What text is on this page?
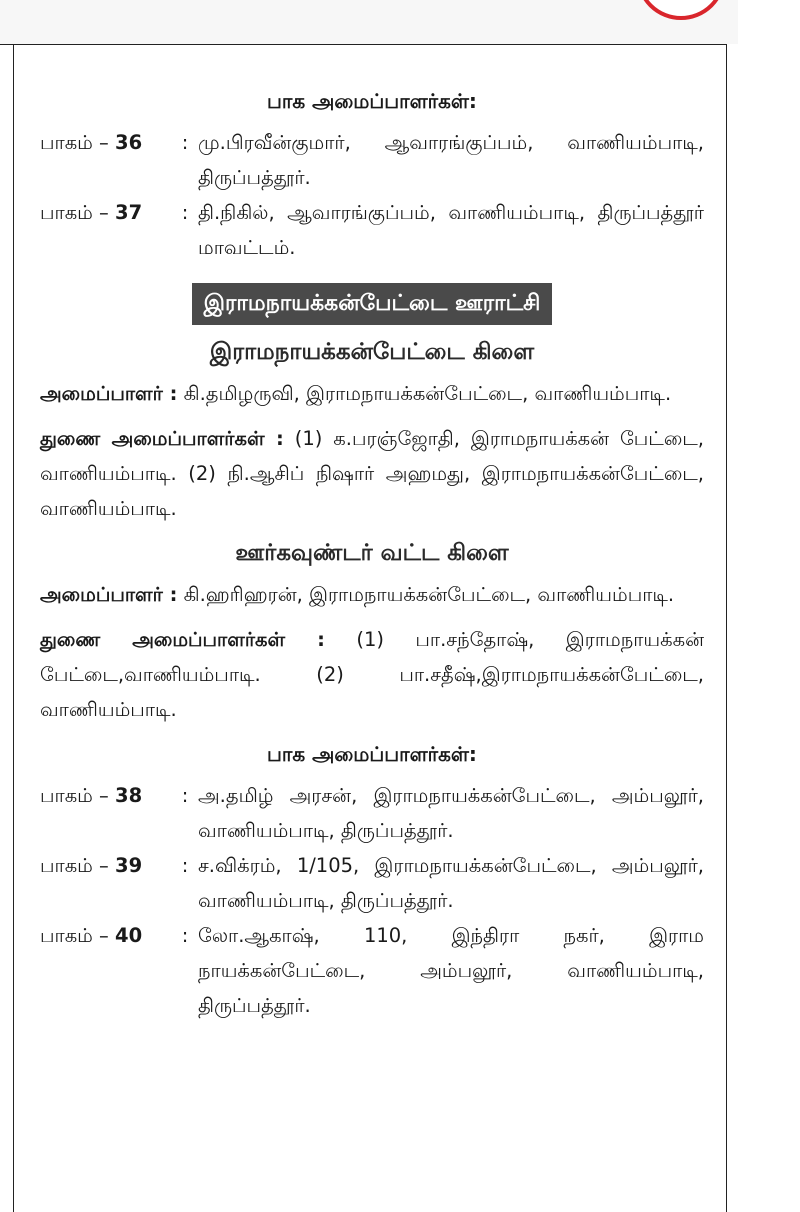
பாக அமைப்பாளர்கள்:
பாகம் – 36	: மு.பிரவீன்குமார், ஆவாரங்குப்பம், வாணியம்பாடி, திருப்பத்தூர்.
பாகம் – 37	: தி.நிகில், ஆவாரங்குப்பம், வாணியம்பாடி, திருப்பத்தூர் மாவட்டம்.
இராமநாயக்கன்பேட்டை ஊராட்சி
இராமநாயக்கன்பேட்டை கிளை

அமைப்பாளர் : கி.தமிழருவி, இராமநாயக்கன்பேட்டை, வாணியம்பாடி.

துணை அமைப்பாளர்கள் : (1) க.பரஞ்ஜோதி, இராமநாயக்கன் பேட்டை, வாணியம்பாடி. (2) நி.ஆசிப் நிஷார் அஹமது, இராமநாயக்கன்பேட்டை, வாணியம்பாடி.

ஊர்கவுண்டர் வட்ட கிளை

அமைப்பாளர் : கி.ஹரிஹரன், இராமநாயக்கன்பேட்டை, வாணியம்பாடி.

துணை அமைப்பாளர்கள் : (1) பா.சந்தோஷ், இராமநாயக்கன் பேட்டை,வாணியம்பாடி. (2) பா.சதீஷ்,இராமநாயக்கன்பேட்டை, வாணியம்பாடி.

பாக அமைப்பாளர்கள்:
பாகம் – 38	: அ.தமிழ் அரசன், இராமநாயக்கன்பேட்டை, அம்பலூர், வாணியம்பாடி, திருப்பத்தூர்.
பாகம் – 39	: ச.விக்ரம், 1/105, இராமநாயக்கன்பேட்டை, அம்பலூர், வாணியம்பாடி, திருப்பத்தூர்.
பாகம் – 40	: லோ.ஆகாஷ், 110, இந்திரா நகர், இராம நாயக்கன்பேட்டை, அம்பலூர், வாணியம்பாடி, திருப்பத்தூர்.
